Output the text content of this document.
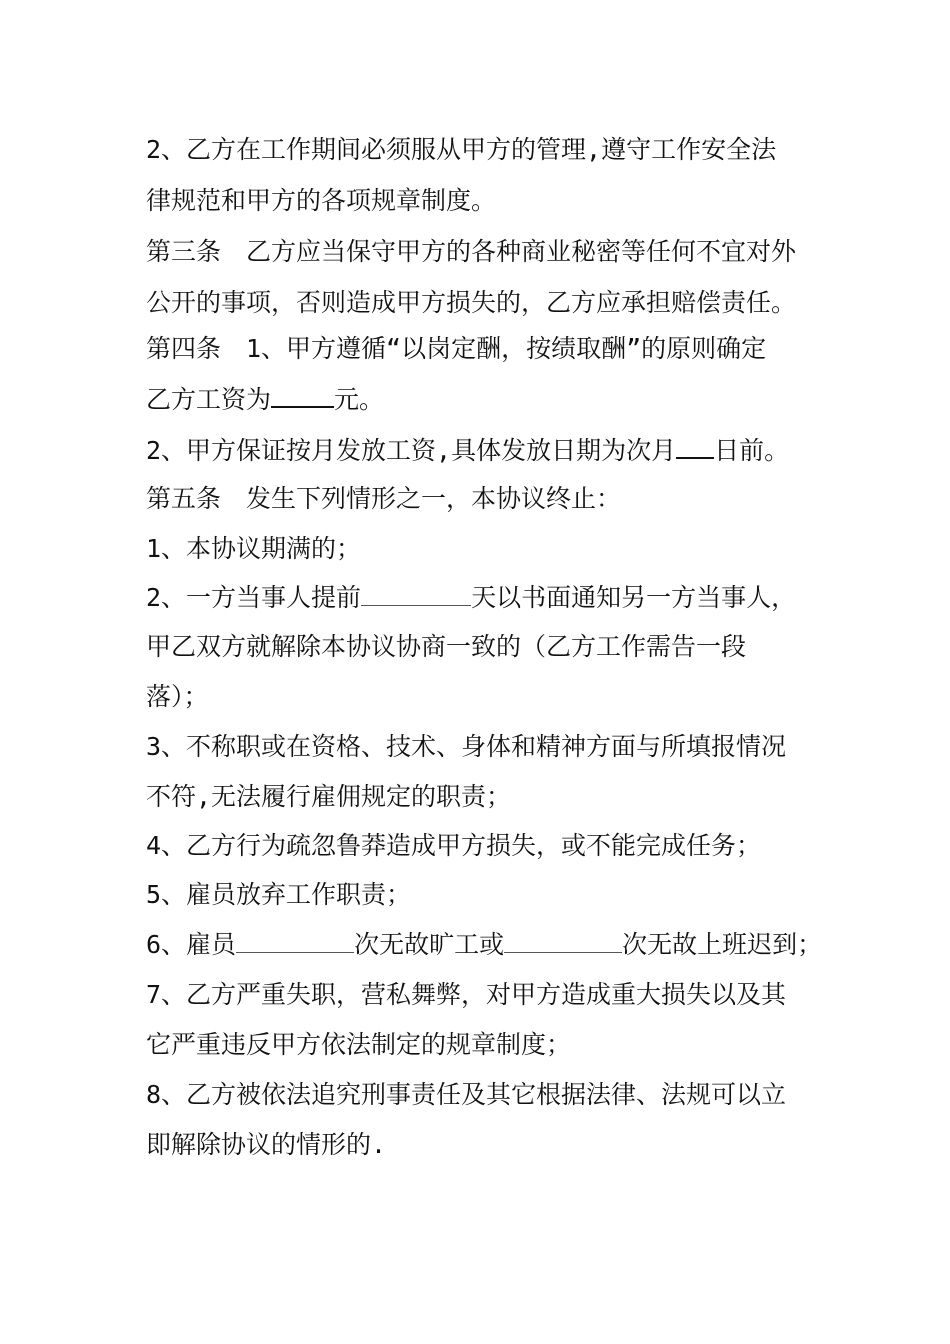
2、乙方在工作期间必须服从甲方的管理,遵守工作安全法
律规范和甲方的各项规章制度。
第三条　乙方应当保守甲方的各种商业秘密等任何不宜对外
公开的事项，否则造成甲方损失的，乙方应承担赔偿责任。
第四条　1、甲方遵循“以岗定酬，按绩取酬”的原则确定
乙方工资为	元。
2、甲方保证按月发放工资,具体发放日期为次月 日前。
第五条　发生下列情形之一，本协议终止：
1、本协议期满的；
2、一方当事人提前	天以书面通知另一方当事人，
甲乙双方就解除本协议协商一致的（乙方工作需告一段
落）；
3、不称职或在资格、技术、身体和精神方面与所填报情况
不符,无法履行雇佣规定的职责；
4、乙方行为疏忽鲁莽造成甲方损失，或不能完成任务；
5、雇员放弃工作职责；
6、雇员	次无故旷工或	次无故上班迟到；
7、乙方严重失职，营私舞弊，对甲方造成重大损失以及其
它严重违反甲方依法制定的规章制度；
8、乙方被依法追究刑事责任及其它根据法律、法规可以立
即解除协议的情形的.
